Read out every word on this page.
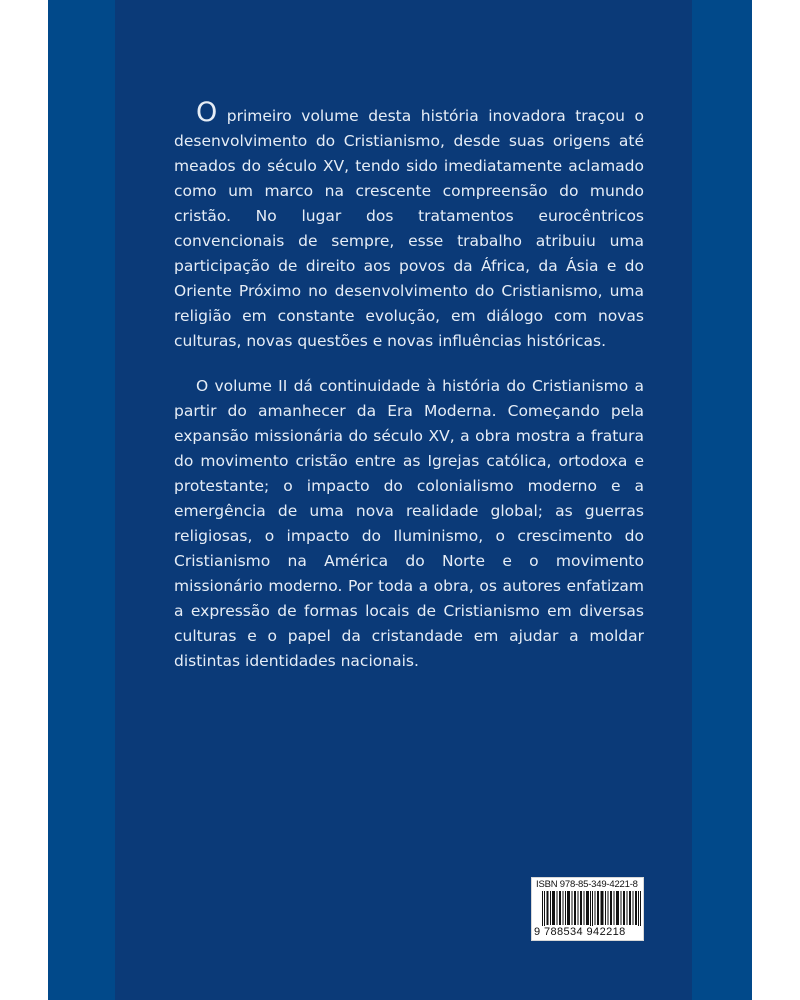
O primeiro volume desta história inovadora traçou o desenvolvimento do Cristianismo, desde suas origens até meados do século XV, tendo sido imediatamente aclamado como um marco na crescente compreensão do mundo cristão. No lugar dos tratamentos eurocêntricos convencionais de sempre, esse trabalho atribuiu uma participação de direito aos povos da África, da Ásia e do Oriente Próximo no desenvolvimento do Cristianismo, uma religião em constante evolução, em diálogo com novas culturas, novas questões e novas influências históricas.

O volume II dá continuidade à história do Cristianismo a partir do amanhecer da Era Moderna. Começando pela expansão missionária do século XV, a obra mostra a fratura do movimento cristão entre as Igrejas católica, ortodoxa e protestante; o impacto do colonialismo moderno e a emergência de uma nova realidade global; as guerras religiosas, o impacto do Iluminismo, o crescimento do Cristianismo na América do Norte e o movimento missionário moderno. Por toda a obra, os autores enfatizam a expressão de formas locais de Cristianismo em diversas culturas e o papel da cristandade em ajudar a moldar distintas identidades nacionais.

ISBN 978-85-349-4221-8
9 788534 942218
